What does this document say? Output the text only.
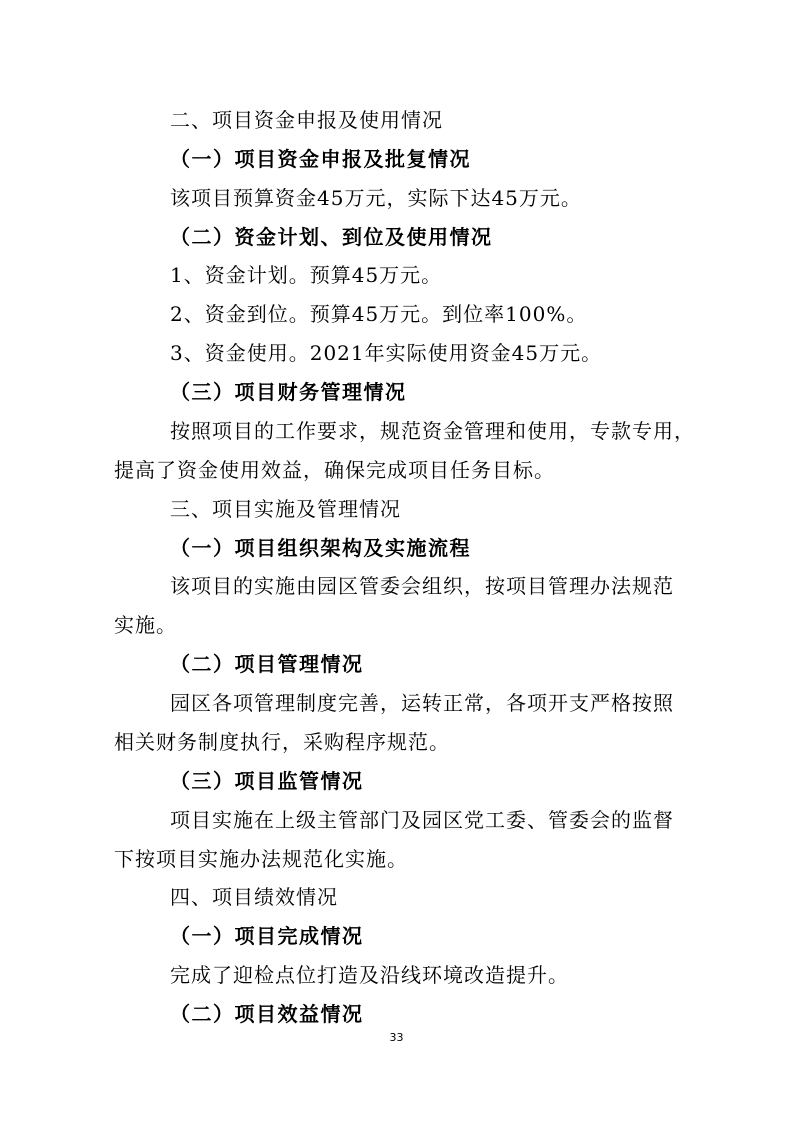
二、项目资金申报及使用情况
（一）项目资金申报及批复情况
该项目预算资金45万元，实际下达45万元。
（二）资金计划、到位及使用情况
1、资金计划。预算45万元。
2、资金到位。预算45万元。到位率100%。
3、资金使用。2021年实际使用资金45万元。
（三）项目财务管理情况
按照项目的工作要求，规范资金管理和使用，专款专用，
提高了资金使用效益，确保完成项目任务目标。
三、项目实施及管理情况
（一）项目组织架构及实施流程
该项目的实施由园区管委会组织，按项目管理办法规范
实施。
（二）项目管理情况
园区各项管理制度完善，运转正常，各项开支严格按照
相关财务制度执行，采购程序规范。
（三）项目监管情况
项目实施在上级主管部门及园区党工委、管委会的监督
下按项目实施办法规范化实施。
四、项目绩效情况
（一）项目完成情况
完成了迎检点位打造及沿线环境改造提升。
（二）项目效益情况
33
